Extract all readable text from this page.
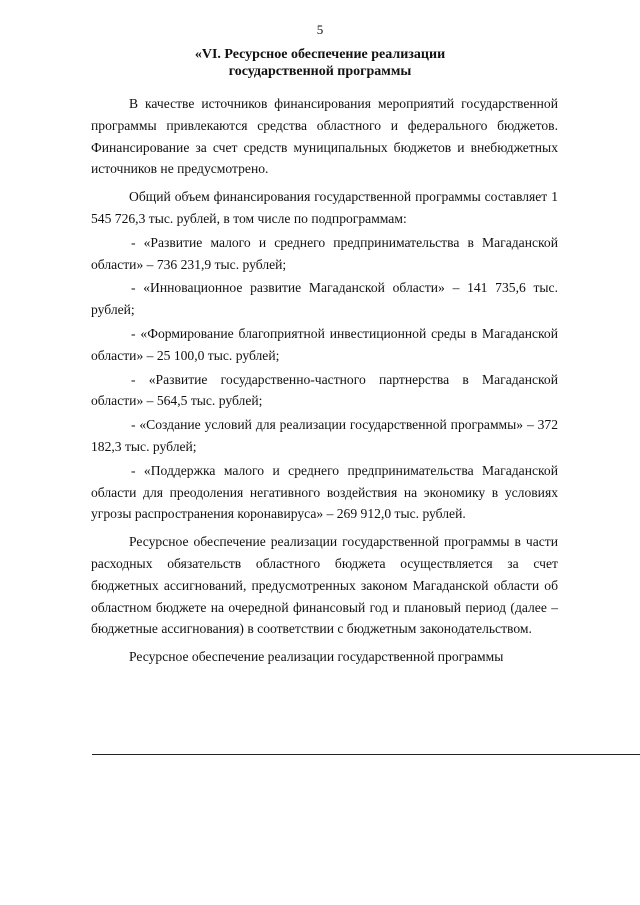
5
«VI. Ресурсное обеспечение реализации
государственной программы

В качестве источников финансирования мероприятий государственной программы привлекаются средства областного и федерального бюджетов. Финансирование за счет средств муниципальных бюджетов и внебюджетных источников не предусмотрено.

Общий объем финансирования государственной программы составляет 1 545 726,3 тыс. рублей, в том числе по подпрограммам:

- «Развитие малого и среднего предпринимательства в Магаданской области» – 736 231,9 тыс. рублей;

- «Инновационное развитие Магаданской области» – 141 735,6 тыс. рублей;

- «Формирование благоприятной инвестиционной среды в Магаданской области» – 25 100,0 тыс. рублей;

- «Развитие государственно-частного партнерства в Магаданской области» – 564,5 тыс. рублей;

- «Создание условий для реализации государственной программы» – 372 182,3 тыс. рублей;

- «Поддержка малого и среднего предпринимательства Магаданской области для преодоления негативного воздействия на экономику в условиях угрозы распространения коронавируса» – 269 912,0 тыс. рублей.

Ресурсное обеспечение реализации государственной программы в части расходных обязательств областного бюджета осуществляется за счет бюджетных ассигнований, предусмотренных законом Магаданской области об областном бюджете на очередной финансовый год и плановый период (далее – бюджетные ассигнования) в соответствии с бюджетным законодательством.

Ресурсное обеспечение реализации государственной программы
